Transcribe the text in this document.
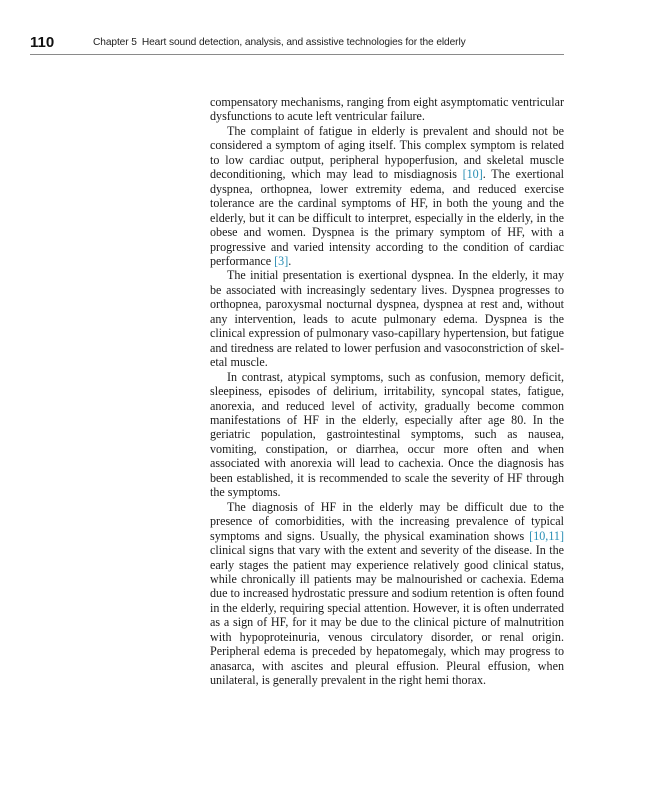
110	Chapter 5 Heart sound detection, analysis, and assistive technologies for the elderly

compensatory mechanisms, ranging from eight asymptomatic ventricular dysfunctions to acute left ventricular failure.

The complaint of fatigue in elderly is prevalent and should not be considered a symptom of aging itself. This complex symptom is related to low cardiac output, peripheral hypoperfusion, and skeletal muscle deconditioning, which may lead to misdiagnosis [10]. The exertional dyspnea, orthopnea, lower extremity edema, and reduced exercise tolerance are the cardinal symptoms of HF, in both the young and the elderly, but it can be difficult to interpret, especially in the elderly, in the obese and women. Dyspnea is the primary symptom of HF, with a progressive and varied intensity according to the condition of cardiac performance [3].

The initial presentation is exertional dyspnea. In the elderly, it may be associated with increasingly sedentary lives. Dyspnea progresses to orthopnea, paroxysmal nocturnal dyspnea, dyspnea at rest and, without any intervention, leads to acute pulmonary edema. Dyspnea is the clinical expression of pulmonary vaso-capillary hypertension, but fatigue and tiredness are related to lower perfusion and vasoconstriction of skeletal muscle.

In contrast, atypical symptoms, such as confusion, memory deficit, sleepiness, episodes of delirium, irritability, syncopal states, fatigue, anorexia, and reduced level of activity, gradually become common manifestations of HF in the elderly, especially after age 80. In the geriatric population, gastrointestinal symptoms, such as nausea, vomiting, constipation, or diarrhea, occur more often and when associated with anorexia will lead to cachexia. Once the diagnosis has been established, it is recommended to scale the severity of HF through the symptoms.

The diagnosis of HF in the elderly may be difficult due to the presence of comorbidities, with the increasing prevalence of typical symptoms and signs. Usually, the physical examination shows [10,11] clinical signs that vary with the extent and severity of the disease. In the early stages the patient may experience relatively good clinical status, while chronically ill patients may be malnourished or cachexia. Edema due to increased hydrostatic pressure and sodium retention is often found in the elderly, requiring special attention. However, it is often underrated as a sign of HF, for it may be due to the clinical picture of malnutrition with hypoproteinuria, venous circulatory disorder, or renal origin. Peripheral edema is preceded by hepatomegaly, which may progress to anasarca, with ascites and pleural effusion. Pleural effusion, when unilateral, is generally prevalent in the right hemi thorax.
